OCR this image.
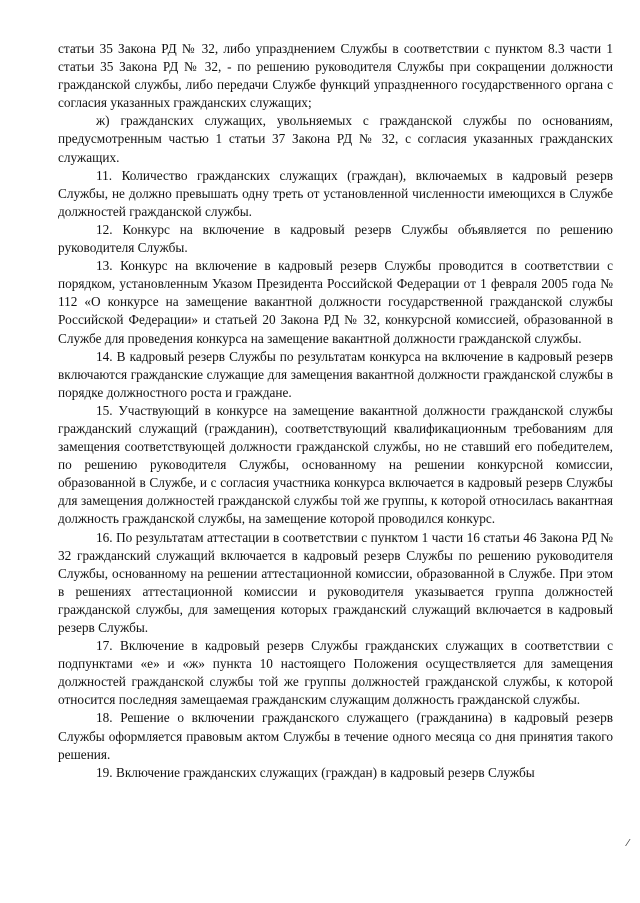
статьи 35 Закона РД № 32, либо упразднением Службы в соответствии с пунктом 8.3 части 1 статьи 35 Закона РД № 32, - по решению руководителя Службы при сокращении должности гражданской службы, либо передачи Службе функций упраздненного государственного органа с согласия указанных гражданских служащих;

ж) гражданских служащих, увольняемых с гражданской службы по основаниям, предусмотренным частью 1 статьи 37 Закона РД № 32, с согласия указанных гражданских служащих.

11. Количество гражданских служащих (граждан), включаемых в кадровый резерв Службы, не должно превышать одну треть от установленной численности имеющихся в Службе должностей гражданской службы.

12. Конкурс на включение в кадровый резерв Службы объявляется по решению руководителя Службы.

13. Конкурс на включение в кадровый резерв Службы проводится в соответствии с порядком, установленным Указом Президента Российской Федерации от 1 февраля 2005 года № 112 «О конкурсе на замещение вакантной должности государственной гражданской службы Российской Федерации» и статьей 20 Закона РД № 32, конкурсной комиссией, образованной в Службе для проведения конкурса на замещение вакантной должности гражданской службы.

14. В кадровый резерв Службы по результатам конкурса на включение в кадровый резерв включаются гражданские служащие для замещения вакантной должности гражданской службы в порядке должностного роста и граждане.

15. Участвующий в конкурсе на замещение вакантной должности гражданской службы гражданский служащий (гражданин), соответствующий квалификационным требованиям для замещения соответствующей должности гражданской службы, но не ставший его победителем, по решению руководителя Службы, основанному на решении конкурсной комиссии, образованной в Службе, и с согласия участника конкурса включается в кадровый резерв Службы для замещения должностей гражданской службы той же группы, к которой относилась вакантная должность гражданской службы, на замещение которой проводился конкурс.

16. По результатам аттестации в соответствии с пунктом 1 части 16 статьи 46 Закона РД № 32 гражданский служащий включается в кадровый резерв Службы по решению руководителя Службы, основанному на решении аттестационной комиссии, образованной в Службе. При этом в решениях аттестационной комиссии и руководителя указывается группа должностей гражданской службы, для замещения которых гражданский служащий включается в кадровый резерв Службы.

17. Включение в кадровый резерв Службы гражданских служащих в соответствии с подпунктами «е» и «ж» пункта 10 настоящего Положения осуществляется для замещения должностей гражданской службы той же группы должностей гражданской службы, к которой относится последняя замещаемая гражданским служащим должность гражданской службы.

18. Решение о включении гражданского служащего (гражданина) в кадровый резерв Службы оформляется правовым актом Службы в течение одного месяца со дня принятия такого решения.

19. Включение гражданских служащих (граждан) в кадровый резерв Службы

⁄
